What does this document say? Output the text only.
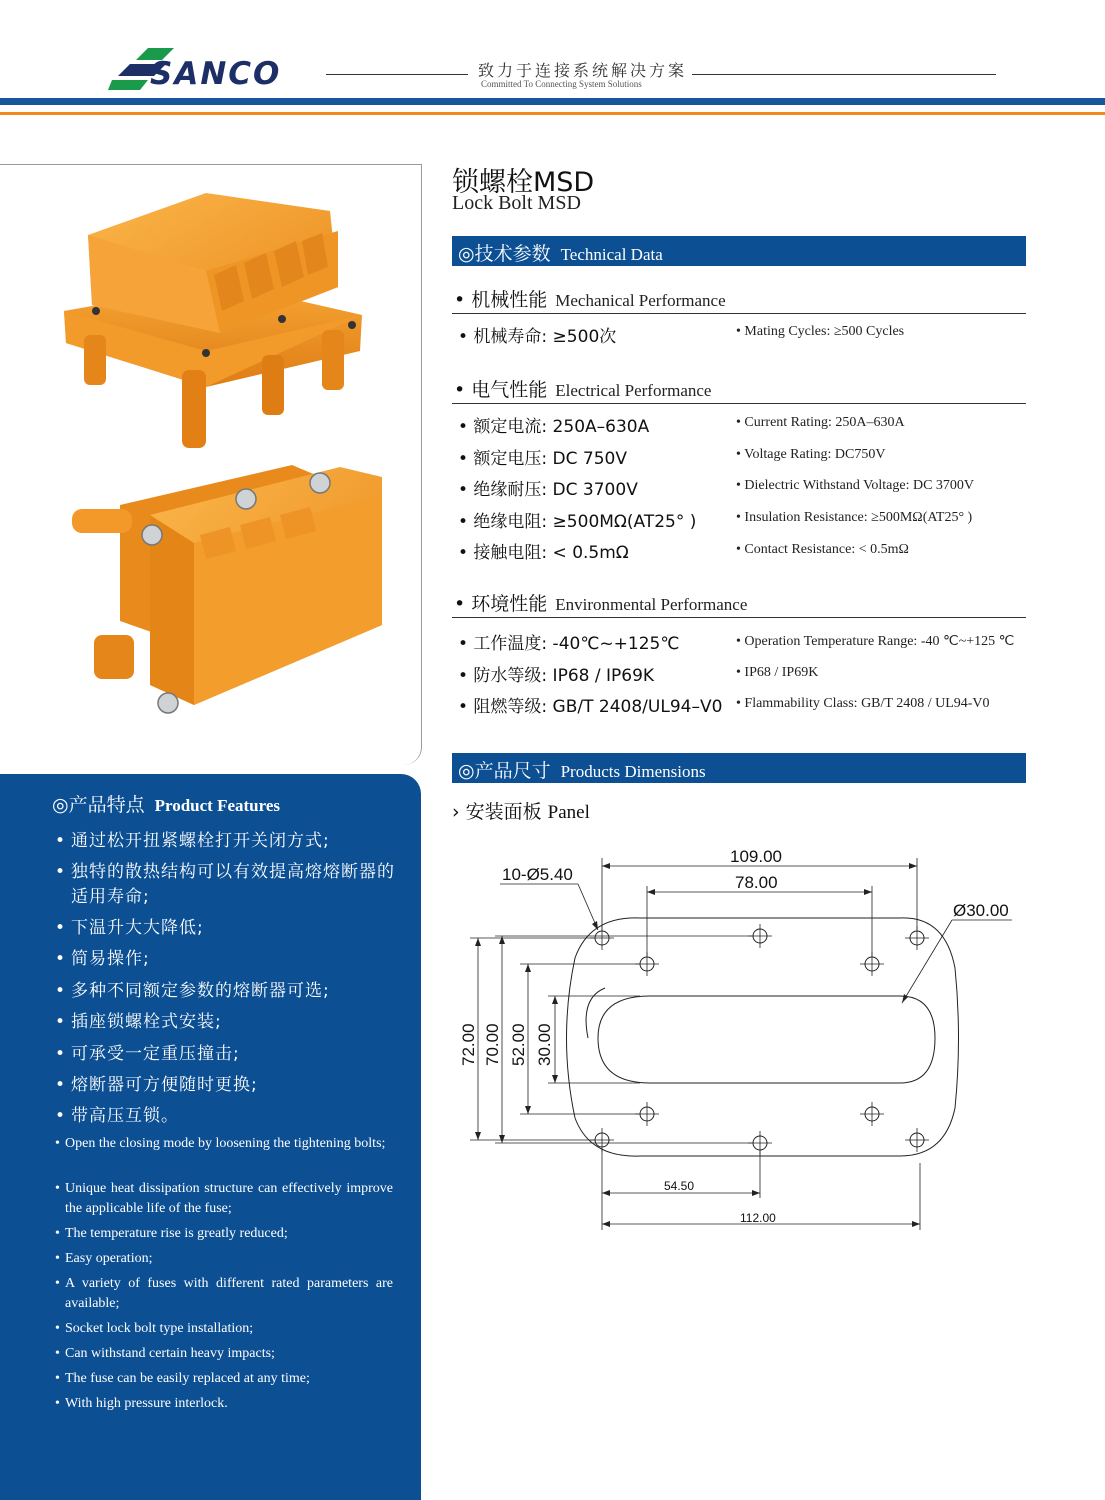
SANCO	致力于连接系统解决方案
Committed To Connecting System Solutions
◎产品特点 Product Features
• 通过松开扭紧螺栓打开关闭方式;
• 独特的散热结构可以有效提高熔熔断器的适用寿命;
• 下温升大大降低;
• 简易操作;
• 多种不同额定参数的熔断器可选;
• 插座锁螺栓式安装;
• 可承受一定重压撞击;
• 熔断器可方便随时更换;
• 带高压互锁。
• Open the closing mode by loosening the tightening bolts;
• Unique heat dissipation structure can effectively improve the applicable life of the fuse;
• The temperature rise is greatly reduced;
• Easy operation;
• A variety of fuses with different rated parameters are available;
• Socket lock bolt type installation;
• Can withstand certain heavy impacts;
• The fuse can be easily replaced at any time;
• With high pressure interlock.
锁螺栓MSD
Lock Bolt MSD
◎技术参数 Technical Data
• 机械性能 Mechanical Performance
• 机械寿命: ≥500次	• Mating Cycles: ≥500 Cycles
• 电气性能 Electrical Performance
• 额定电流: 250A–630A	• Current Rating: 250A–630A
• 额定电压: DC 750V	• Voltage Rating: DC750V
• 绝缘耐压: DC 3700V	• Dielectric Withstand Voltage: DC 3700V
• 绝缘电阻: ≥500MΩ(AT25° )	• Insulation Resistance: ≥500MΩ(AT25° )
• 接触电阻: < 0.5mΩ	• Contact Resistance: < 0.5mΩ
• 环境性能 Environmental Performance
• 工作温度: -40℃~+125℃	• Operation Temperature Range: -40 ℃~+125 ℃
• 防水等级: IP68 / IP69K	• IP68 / IP69K
• 阻燃等级: GB/T 2408/UL94–V0 • Flammability Class: GB/T 2408 / UL94-V0
◎产品尺寸 Products Dimensions
› 安装面板 Panel
109.00
78.00
10-Ø5.40
Ø30.00
72.00 70.00 52.00 30.00
54.50
112.00
